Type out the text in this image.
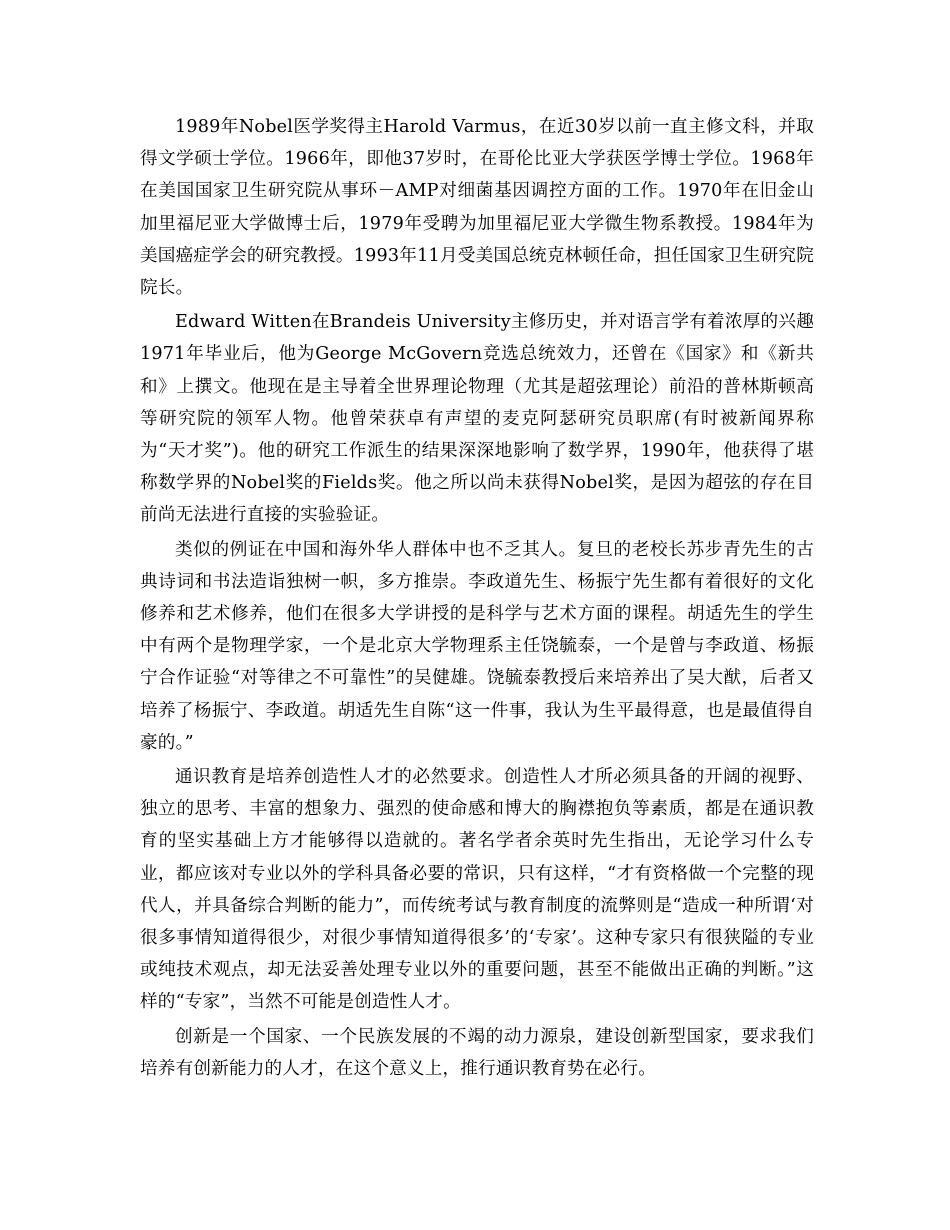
1989年Nobel医学奖得主Harold Varmus，在近30岁以前一直主修文科，并取得文学硕士学位。1966年，即他37岁时，在哥伦比亚大学获医学博士学位。1968年在美国国家卫生研究院从事环－AMP对细菌基因调控方面的工作。1970年在旧金山加里福尼亚大学做博士后，1979年受聘为加里福尼亚大学微生物系教授。1984年为美国癌症学会的研究教授。1993年11月受美国总统克林顿任命，担任国家卫生研究院院长。

Edward Witten在Brandeis University主修历史，并对语言学有着浓厚的兴趣1971年毕业后，他为George McGovern竞选总统效力，还曾在《国家》和《新共和》上撰文。他现在是主导着全世界理论物理（尤其是超弦理论）前沿的普林斯顿高等研究院的领军人物。他曾荣获卓有声望的麦克阿瑟研究员职席(有时被新闻界称为“天才奖”)。他的研究工作派生的结果深深地影响了数学界，1990年，他获得了堪称数学界的Nobel奖的Fields奖。他之所以尚未获得Nobel奖，是因为超弦的存在目前尚无法进行直接的实验验证。

类似的例证在中国和海外华人群体中也不乏其人。复旦的老校长苏步青先生的古典诗词和书法造诣独树一帜，多方推崇。李政道先生、杨振宁先生都有着很好的文化修养和艺术修养，他们在很多大学讲授的是科学与艺术方面的课程。胡适先生的学生中有两个是物理学家，一个是北京大学物理系主任饶毓泰，一个是曾与李政道、杨振宁合作证验“对等律之不可靠性”的吴健雄。饶毓泰教授后来培养出了吴大猷，后者又培养了杨振宁、李政道。胡适先生自陈“这一件事，我认为生平最得意，也是最值得自豪的。”

通识教育是培养创造性人才的必然要求。创造性人才所必须具备的开阔的视野、独立的思考、丰富的想象力、强烈的使命感和博大的胸襟抱负等素质，都是在通识教育的坚实基础上方才能够得以造就的。著名学者余英时先生指出，无论学习什么专业，都应该对专业以外的学科具备必要的常识，只有这样，“才有资格做一个完整的现代人，并具备综合判断的能力”，而传统考试与教育制度的流弊则是“造成一种所谓‘对很多事情知道得很少，对很少事情知道得很多’的‘专家’。这种专家只有很狭隘的专业或纯技术观点，却无法妥善处理专业以外的重要问题，甚至不能做出正确的判断。”这样的“专家”，当然不可能是创造性人才。

创新是一个国家、一个民族发展的不竭的动力源泉，建设创新型国家，要求我们培养有创新能力的人才，在这个意义上，推行通识教育势在必行。
